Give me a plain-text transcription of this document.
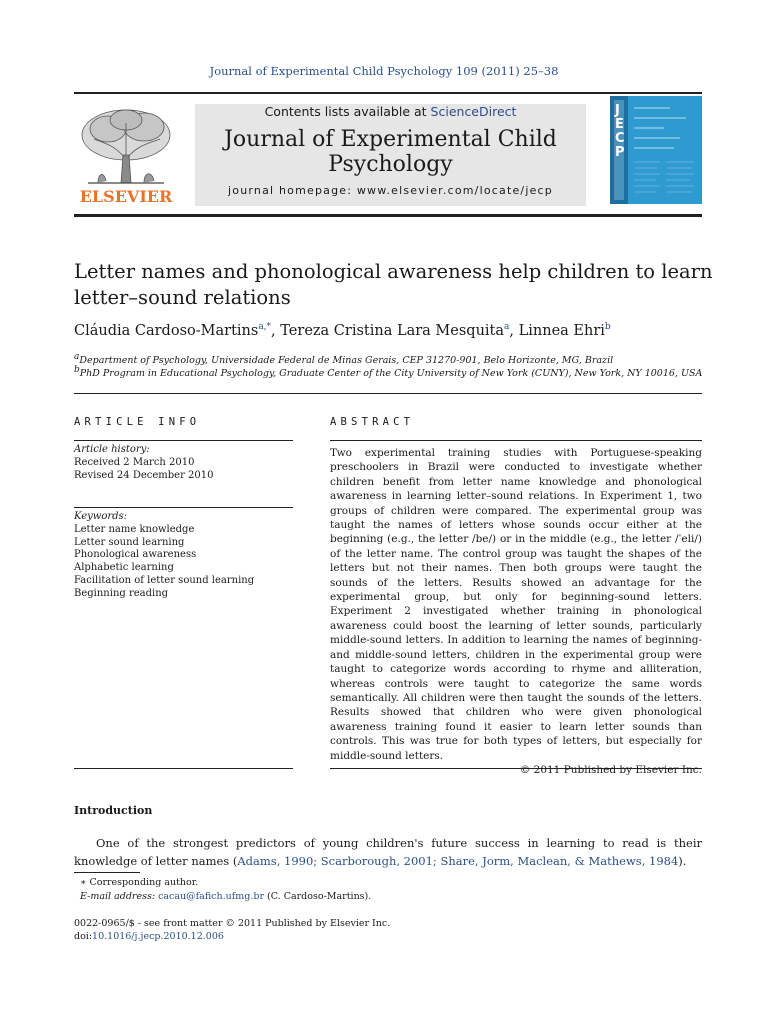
Journal of Experimental Child Psychology 109 (2011) 25–38
ELSEVIER
Contents lists available at ScienceDirect
Journal of Experimental Child Psychology
journal homepage: www.elsevier.com/locate/jecp
J
E
C
P
Letter names and phonological awareness help children to learn letter–sound relations
Cláudia Cardoso-Martins$^{a,*}$, Tereza Cristina Lara Mesquita$^a$, Linnea Ehri$^b$
$^a$Department of Psychology, Universidade Federal de Minas Gerais, CEP 31270-901, Belo Horizonte, MG, Brazil
$^b$PhD Program in Educational Psychology, Graduate Center of the City University of New York (CUNY), New York, NY 10016, USA
ARTICLE INFO	ABSTRACT
Article history:
Received 2 March 2010
Revised 24 December 2010
Keywords:
Letter name knowledge
Letter sound learning
Phonological awareness
Alphabetic learning
Facilitation of letter sound learning
Beginning reading
Two experimental training studies with Portuguese-speaking preschoolers in Brazil were conducted to investigate whether children benefit from letter name knowledge and phonological awareness in learning letter–sound relations. In Experiment 1, two groups of children were compared. The experimental group was taught the names of letters whose sounds occur either at the beginning (e.g., the letter /be/) or in the middle (e.g., the letter /ˈeli/) of the letter name. The control group was taught the shapes of the letters but not their names. Then both groups were taught the sounds of the letters. Results showed an advantage for the experimental group, but only for beginning-sound letters. Experiment 2 investigated whether training in phonological awareness could boost the learning of letter sounds, particularly middle-sound letters. In addition to learning the names of beginning- and middle-sound letters, children in the experimental group were taught to categorize words according to rhyme and alliteration, whereas controls were taught to categorize the same words semantically. All children were then taught the sounds of the letters. Results showed that children who were given phonological awareness training found it easier to learn letter sounds than controls. This was true for both types of letters, but especially for middle-sound letters.
© 2011 Published by Elsevier Inc.
Introduction
One of the strongest predictors of young children's future success in learning to read is their knowledge of letter names (Adams, 1990; Scarborough, 2001; Share, Jorm, Maclean, & Mathews, 1984).
∗ Corresponding author.
E-mail address: cacau@fafich.ufmg.br (C. Cardoso-Martins).
0022-0965/$ - see front matter © 2011 Published by Elsevier Inc.
doi:10.1016/j.jecp.2010.12.006
